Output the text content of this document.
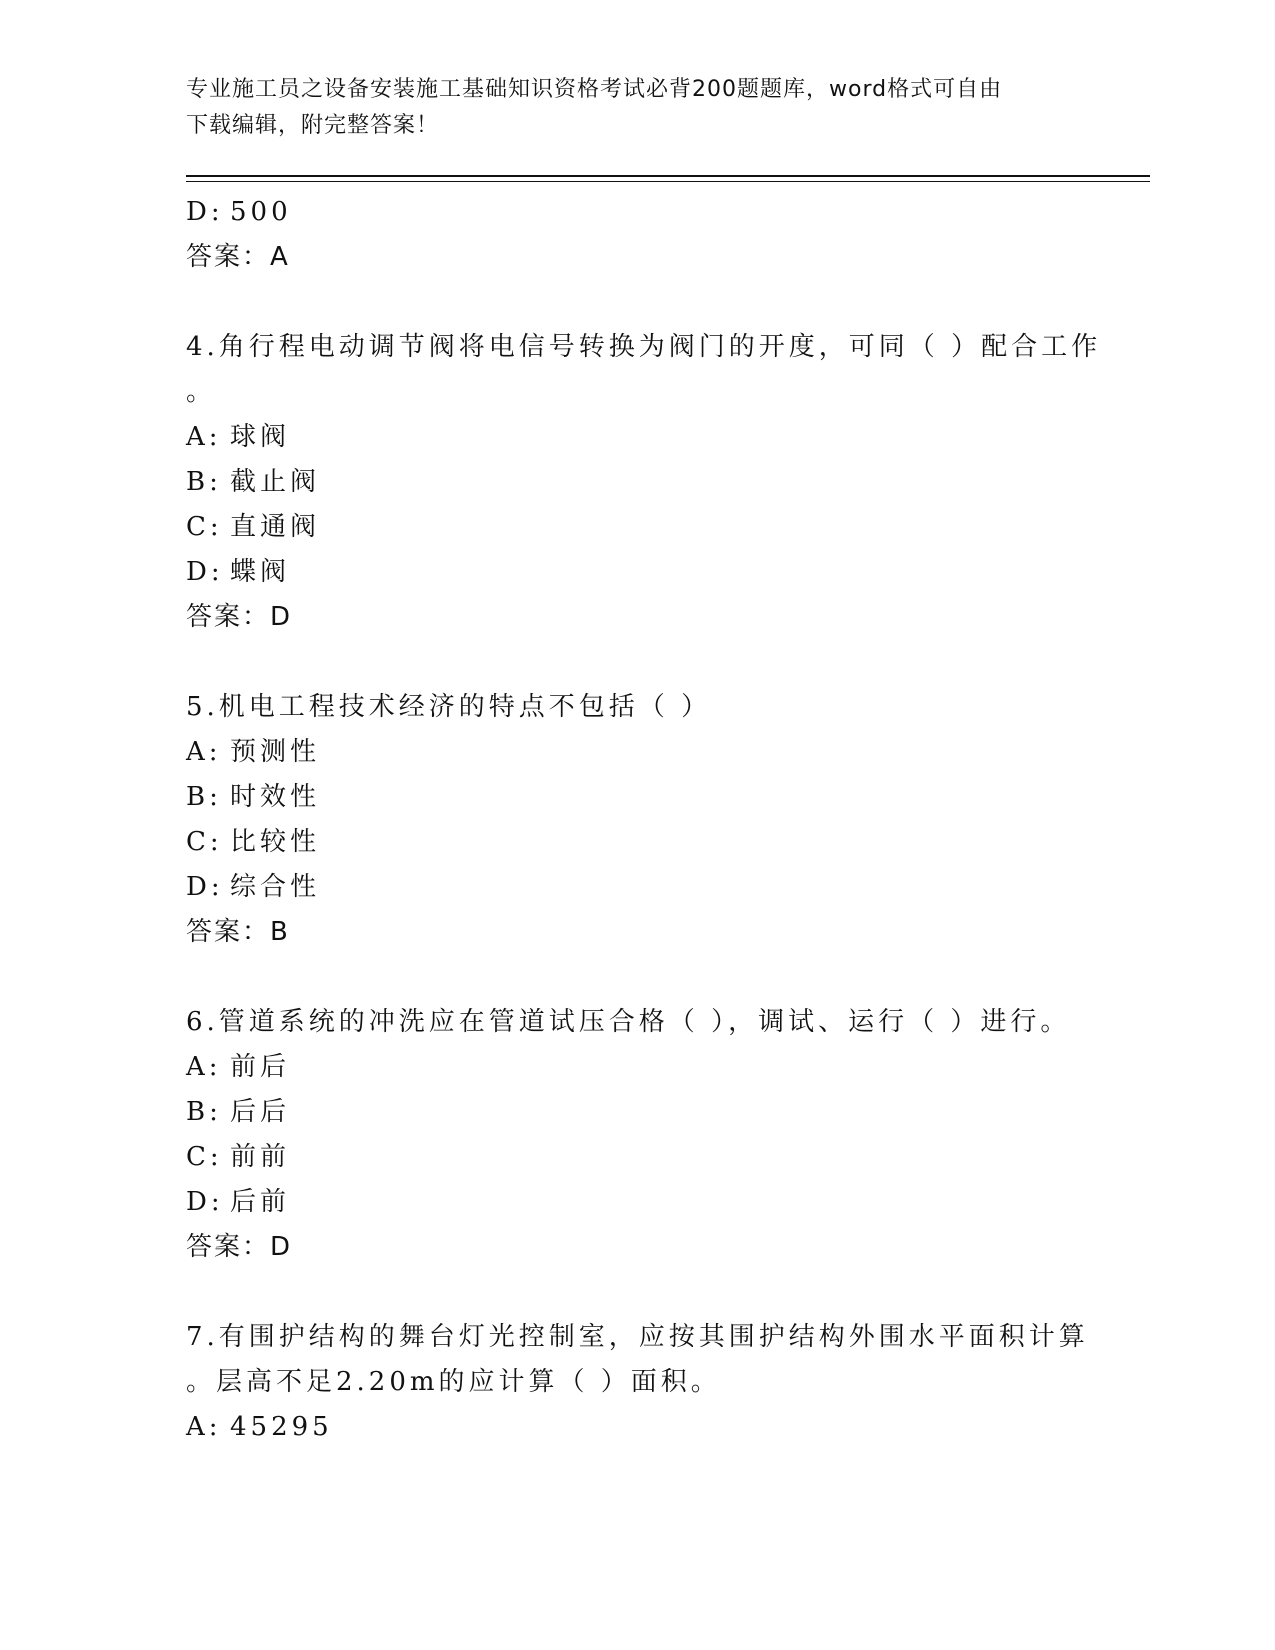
专业施工员之设备安装施工基础知识资格考试必背200题题库，word格式可自由
下载编辑，附完整答案！
D: 500
答案：A
4.角行程电动调节阀将电信号转换为阀门的开度，可同（ ）配合工作
。
A: 球阀
B: 截止阀
C: 直通阀
D: 蝶阀
答案：D
5.机电工程技术经济的特点不包括（ ）
A: 预测性
B: 时效性
C: 比较性
D: 综合性
答案：B
6.管道系统的冲洗应在管道试压合格（ ），调试、运行（ ）进行。
A: 前后
B: 后后
C: 前前
D: 后前
答案：D
7.有围护结构的舞台灯光控制室，应按其围护结构外围水平面积计算
。层高不足2.20m的应计算（ ）面积。
A: 45295
